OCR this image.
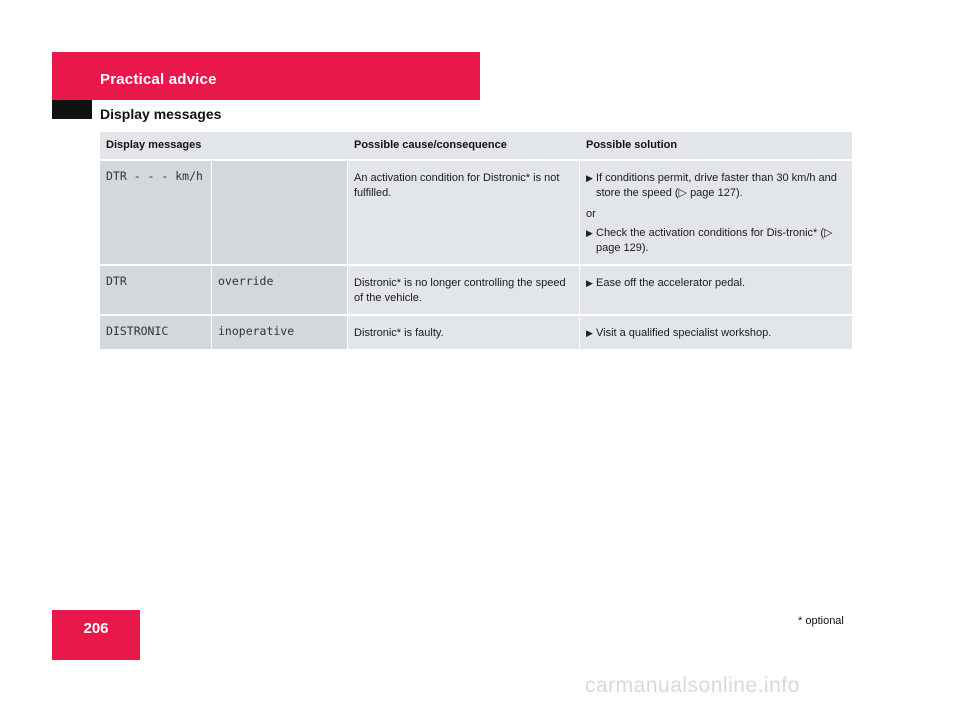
Practical advice
Display messages
Display messages		Possible cause/consequence	Possible solution
DTR - - - km/h		An activation condition for Distronic* is not fulfilled.	▶ If conditions permit, drive faster than 30 km/h and store the speed (▷ page 127).
or
▶ Check the activation conditions for Dis-tronic* (▷ page 129).

DTR	override	Distronic* is no longer controlling the speed of the vehicle.	▶ Ease off the accelerator pedal.

DISTRONIC	inoperative	Distronic* is faulty.	▶ Visit a qualified specialist workshop.
206	* optional
carmanualsonline.info
